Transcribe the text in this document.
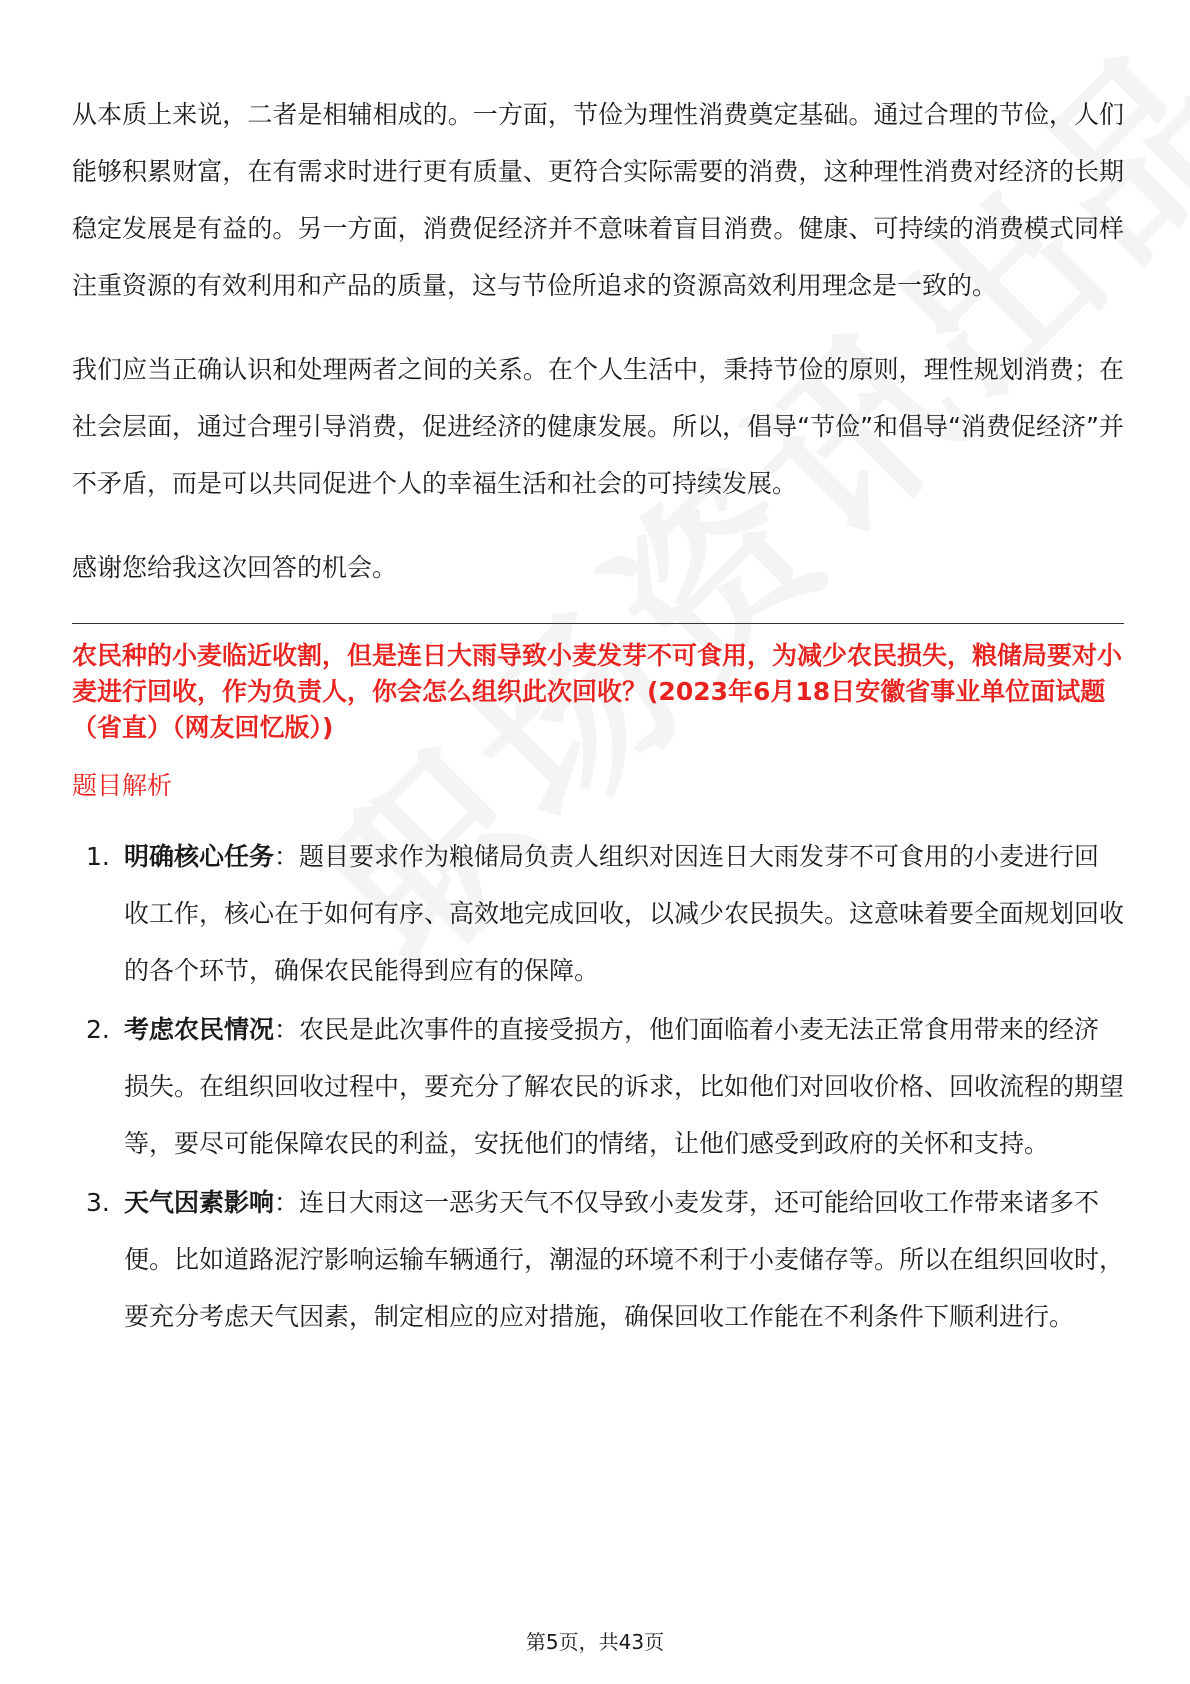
从本质上来说，二者是相辅相成的。一方面，节俭为理性消费奠定基础。通过合理的节俭，人们能够积累财富，在有需求时进行更有质量、更符合实际需要的消费，这种理性消费对经济的长期稳定发展是有益的。另一方面，消费促经济并不意味着盲目消费。健康、可持续的消费模式同样注重资源的有效利用和产品的质量，这与节俭所追求的资源高效利用理念是一致的。

我们应当正确认识和处理两者之间的关系。在个人生活中，秉持节俭的原则，理性规划消费；在社会层面，通过合理引导消费，促进经济的健康发展。所以，倡导“节俭”和倡导“消费促经济”并不矛盾，而是可以共同促进个人的幸福生活和社会的可持续发展。

感谢您给我这次回答的机会。

农民种的小麦临近收割，但是连日大雨导致小麦发芽不可食用，为减少农民损失，粮储局要对小麦进行回收，作为负责人，你会怎么组织此次回收？(2023年6月18日安徽省事业单位面试题（省直）（网友回忆版）)
题目解析
1. 明确核心任务：题目要求作为粮储局负责人组织对因连日大雨发芽不可食用的小麦进行回收工作，核心在于如何有序、高效地完成回收，以减少农民损失。这意味着要全面规划回收的各个环节，确保农民能得到应有的保障。
2. 考虑农民情况：农民是此次事件的直接受损方，他们面临着小麦无法正常食用带来的经济损失。在组织回收过程中，要充分了解农民的诉求，比如他们对回收价格、回收流程的期望等，要尽可能保障农民的利益，安抚他们的情绪，让他们感受到政府的关怀和支持。
3. 天气因素影响：连日大雨这一恶劣天气不仅导致小麦发芽，还可能给回收工作带来诸多不便。比如道路泥泞影响运输车辆通行，潮湿的环境不利于小麦储存等。所以在组织回收时，要充分考虑天气因素，制定相应的应对措施，确保回收工作能在不利条件下顺利进行。
第5页，共43页
